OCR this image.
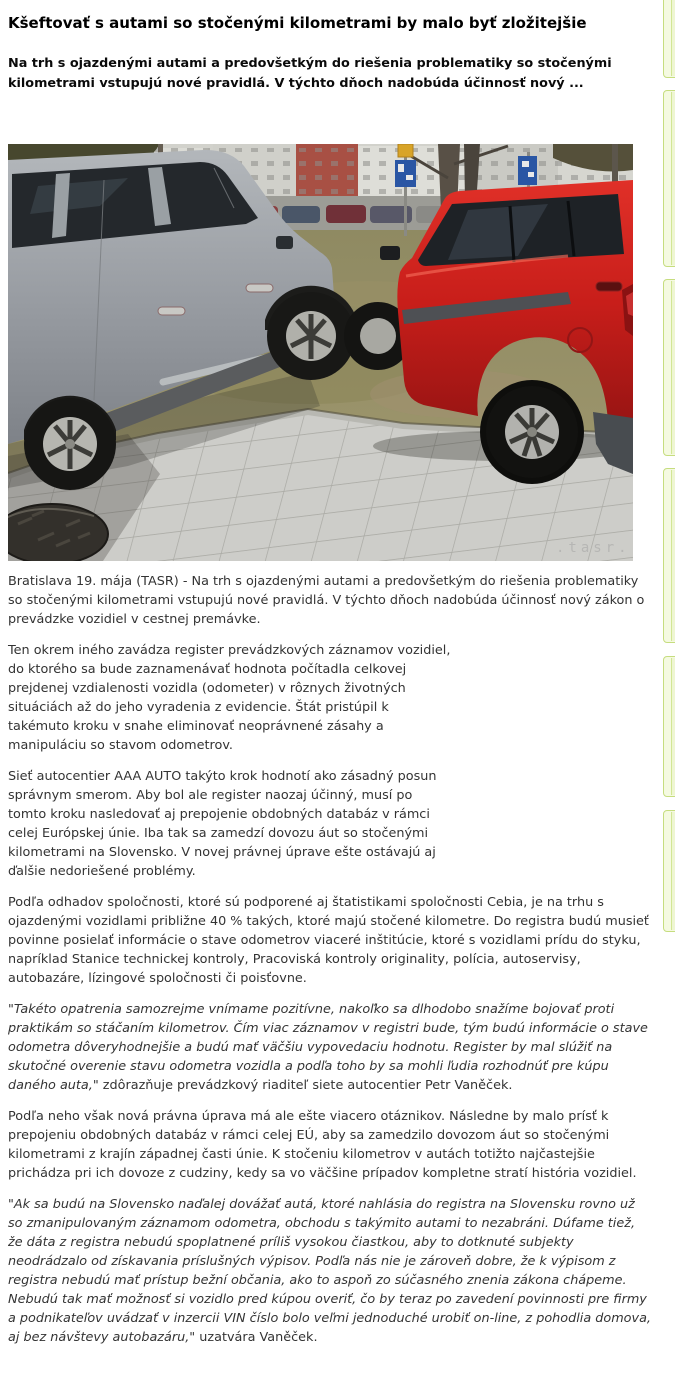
Kšeftovať s autami so stočenými kilometrami by malo byť zložitejšie

Na trh s ojazdenými autami a predovšetkým do riešenia problematiky so stočenými kilometrami vstupujú nové pravidlá. V týchto dňoch nadobúda účinnosť nový ...

.tasr.

Bratislava 19. mája (TASR) - Na trh s ojazdenými autami a predovšetkým do riešenia problematiky so stočenými kilometrami vstupujú nové pravidlá. V týchto dňoch nadobúda účinnosť nový zákon o prevádzke vozidiel v cestnej premávke.

Ten okrem iného zavádza register prevádzkových záznamov vozidiel, do ktorého sa bude zaznamenávať hodnota počítadla celkovej prejdenej vzdialenosti vozidla (odometer) v rôznych životných situáciách až do jeho vyradenia z evidencie. Štát pristúpil k takémuto kroku v snahe eliminovať neoprávnené zásahy a manipuláciu so stavom odometrov.

Sieť autocentier AAA AUTO takýto krok hodnotí ako zásadný posun správnym smerom. Aby bol ale register naozaj účinný, musí po tomto kroku nasledovať aj prepojenie obdobných databáz v rámci celej Európskej únie. Iba tak sa zamedzí dovozu áut so stočenými kilometrami na Slovensko. V novej právnej úprave ešte ostávajú aj ďalšie nedoriešené problémy.

Podľa odhadov spoločnosti, ktoré sú podporené aj štatistikami spoločnosti Cebia, je na trhu s ojazdenými vozidlami približne 40 % takých, ktoré majú stočené kilometre. Do registra budú musieť povinne posielať informácie o stave odometrov viaceré inštitúcie, ktoré s vozidlami prídu do styku, napríklad Stanice technickej kontroly, Pracoviská kontroly originality, polícia, autoservisy, autobazáre, lízingové spoločnosti či poisťovne.

"Takéto opatrenia samozrejme vnímame pozitívne, nakoľko sa dlhodobo snažíme bojovať proti praktikám so stáčaním kilometrov. Čím viac záznamov v registri bude, tým budú informácie o stave odometra dôveryhodnejšie a budú mať väčšiu vypovedaciu hodnotu. Register by mal slúžiť na skutočné overenie stavu odometra vozidla a podľa toho by sa mohli ľudia rozhodnúť pre kúpu daného auta," zdôrazňuje prevádzkový riaditeľ siete autocentier Petr Vaněček.

Podľa neho však nová právna úprava má ale ešte viacero otáznikov. Následne by malo prísť k prepojeniu obdobných databáz v rámci celej EÚ, aby sa zamedzilo dovozom áut so stočenými kilometrami z krajín západnej časti únie. K stočeniu kilometrov v autách totižto najčastejšie prichádza pri ich dovoze z cudziny, kedy sa vo väčšine prípadov kompletne stratí história vozidiel.

"Ak sa budú na Slovensko naďalej dovážať autá, ktoré nahlásia do registra na Slovensku rovno už so zmanipulovaným záznamom odometra, obchodu s takýmito autami to nezabráni. Dúfame tiež, že dáta z registra nebudú spoplatnené príliš vysokou čiastkou, aby to dotknuté subjekty neodrádzalo od získavania príslušných výpisov. Podľa nás nie je zároveň dobre, že k výpisom z registra nebudú mať prístup bežní občania, ako to aspoň zo súčasného znenia zákona chápeme. Nebudú tak mať možnosť si vozidlo pred kúpou overiť, čo by teraz po zavedení povinnosti pre firmy a podnikateľov uvádzať v inzercii VIN číslo bolo veľmi jednoduché urobiť on-line, z pohodlia domova, aj bez návštevy autobazáru," uzatvára Vaněček.
